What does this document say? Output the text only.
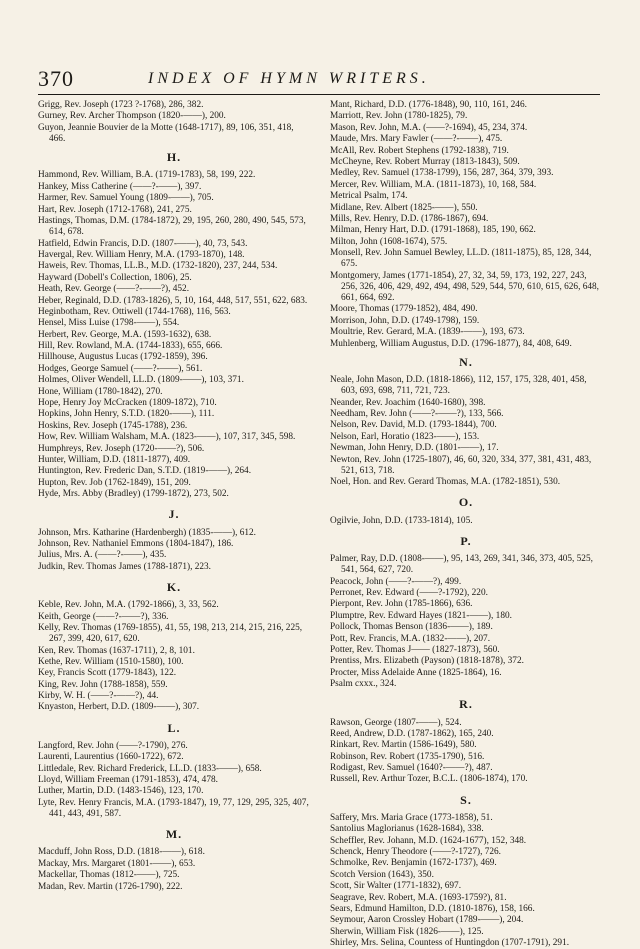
370	INDEX OF HYMN WRITERS.
Grigg, Rev. Joseph (1723 ?-1768), 286, 382.
Gurney, Rev. Archer Thompson (1820-——), 200.
Guyon, Jeannie Bouvier de la Motte (1648-1717), 89, 106, 351, 418, 466.
H.
Hammond, Rev. William, B.A. (1719-1783), 58, 199, 222.
Hankey, Miss Catherine (——?-——), 397.
Harmer, Rev. Samuel Young (1809-——), 705.
Hart, Rev. Joseph (1712-1768), 241, 275.
Hastings, Thomas, D.M. (1784-1872), 29, 195, 260, 280, 490, 545, 573, 614, 678.
Hatfield, Edwin Francis, D.D. (1807-——), 40, 73, 543.
Havergal, Rev. William Henry, M.A. (1793-1870), 148.
Haweis, Rev. Thomas, LL.B., M.D. (1732-1820), 237, 244, 534.
Hayward (Dobell's Collection, 1806), 25.
Heath, Rev. George (——?-——?), 452.
Heber, Reginald, D.D. (1783-1826), 5, 10, 164, 448, 517, 551, 622, 683.
Heginbotham, Rev. Ottiwell (1744-1768), 116, 563.
Hensel, Miss Luise (1798-——), 554.
Herbert, Rev. George, M.A. (1593-1632), 638.
Hill, Rev. Rowland, M.A. (1744-1833), 655, 666.
Hillhouse, Augustus Lucas (1792-1859), 396.
Hodges, George Samuel (——?-——), 561.
Holmes, Oliver Wendell, LL.D. (1809-——), 103, 371.
Hone, William (1780-1842), 270.
Hope, Henry Joy McCracken (1809-1872), 710.
Hopkins, John Henry, S.T.D. (1820-——), 111.
Hoskins, Rev. Joseph (1745-1788), 236.
How, Rev. William Walsham, M.A. (1823-——), 107, 317, 345, 598.
Humphreys, Rev. Joseph (1720-——?), 506.
Hunter, William, D.D. (1811-1877), 409.
Huntington, Rev. Frederic Dan, S.T.D. (1819-——), 264.
Hupton, Rev. Job (1762-1849), 151, 209.
Hyde, Mrs. Abby (Bradley) (1799-1872), 273, 502.
J.
Johnson, Mrs. Katharine (Hardenbergh) (1835-——), 612.
Johnson, Rev. Nathaniel Emmons (1804-1847), 186.
Julius, Mrs. A. (——?-——), 435.
Judkin, Rev. Thomas James (1788-1871), 223.
K.
Keble, Rev. John, M.A. (1792-1866), 3, 33, 562.
Keith, George (——?-——?), 336.
Kelly, Rev. Thomas (1769-1855), 41, 55, 198, 213, 214, 215, 216, 225, 267, 399, 420, 617, 620.
Ken, Rev. Thomas (1637-1711), 2, 8, 101.
Kethe, Rev. William (1510-1580), 100.
Key, Francis Scott (1779-1843), 122.
King, Rev. John (1788-1858), 559.
Kirby, W. H. (——?-——?), 44.
Knyaston, Herbert, D.D. (1809-——), 307.
L.
Langford, Rev. John (——?-1790), 276.
Laurenti, Laurentius (1660-1722), 672.
Littledale, Rev. Richard Frederick, LL.D. (1833-——), 658.
Lloyd, William Freeman (1791-1853), 474, 478.
Luther, Martin, D.D. (1483-1546), 123, 170.
Lyte, Rev. Henry Francis, M.A. (1793-1847), 19, 77, 129, 295, 325, 407, 441, 443, 491, 587.
M.
Macduff, John Ross, D.D. (1818-——), 618.
Mackay, Mrs. Margaret (1801-——), 653.
Mackellar, Thomas (1812-——), 725.
Madan, Rev. Martin (1726-1790), 222.
Mant, Richard, D.D. (1776-1848), 90, 110, 161, 246.
Marriott, Rev. John (1780-1825), 79.
Mason, Rev. John, M.A. (——?-1694), 45, 234, 374.
Maude, Mrs. Mary Fawler (——?-——), 475.
McAll, Rev. Robert Stephens (1792-1838), 719.
McCheyne, Rev. Robert Murray (1813-1843), 509.
Medley, Rev. Samuel (1738-1799), 156, 287, 364, 379, 393.
Mercer, Rev. William, M.A. (1811-1873), 10, 168, 584.
Metrical Psalm, 174.
Midlane, Rev. Albert (1825-——), 550.
Mills, Rev. Henry, D.D. (1786-1867), 694.
Milman, Henry Hart, D.D. (1791-1868), 185, 190, 662.
Milton, John (1608-1674), 575.
Monsell, Rev. John Samuel Bewley, LL.D. (1811-1875), 85, 128, 344, 675.
Montgomery, James (1771-1854), 27, 32, 34, 59, 173, 192, 227, 243, 256, 326, 406, 429, 492, 494, 498, 529, 544, 570, 610, 615, 626, 648, 661, 664, 692.
Moore, Thomas (1779-1852), 484, 490.
Morrison, John, D.D. (1749-1798), 159.
Moultrie, Rev. Gerard, M.A. (1839-——), 193, 673.
Muhlenberg, William Augustus, D.D. (1796-1877), 84, 408, 649.
N.
Neale, John Mason, D.D. (1818-1866), 112, 157, 175, 328, 401, 458, 603, 693, 698, 711, 721, 723.
Neander, Rev. Joachim (1640-1680), 398.
Needham, Rev. John (——?-——?), 133, 566.
Nelson, Rev. David, M.D. (1793-1844), 700.
Nelson, Earl, Horatio (1823-——), 153.
Newman, John Henry, D.D. (1801-——), 17.
Newton, Rev. John (1725-1807), 46, 60, 320, 334, 377, 381, 431, 483, 521, 613, 718.
Noel, Hon. and Rev. Gerard Thomas, M.A. (1782-1851), 530.
O.
Ogilvie, John, D.D. (1733-1814), 105.
P.
Palmer, Ray, D.D. (1808-——), 95, 143, 269, 341, 346, 373, 405, 525, 541, 564, 627, 720.
Peacock, John (——?-——?), 499.
Perronet, Rev. Edward (——?-1792), 220.
Pierpont, Rev. John (1785-1866), 636.
Plumptre, Rev. Edward Hayes (1821-——), 180.
Pollock, Thomas Benson (1836-——), 189.
Pott, Rev. Francis, M.A. (1832-——), 207.
Potter, Rev. Thomas J—— (1827-1873), 560.
Prentiss, Mrs. Elizabeth (Payson) (1818-1878), 372.
Procter, Miss Adelaide Anne (1825-1864), 16.
Psalm cxxx., 324.
R.
Rawson, George (1807-——), 524.
Reed, Andrew, D.D. (1787-1862), 165, 240.
Rinkart, Rev. Martin (1586-1649), 580.
Robinson, Rev. Robert (1735-1790), 516.
Rodigast, Rev. Samuel (1640?-——?), 487.
Russell, Rev. Arthur Tozer, B.C.L. (1806-1874), 170.
S.
Saffery, Mrs. Maria Grace (1773-1858), 51.
Santolius Maglorianus (1628-1684), 338.
Scheffler, Rev. Johann, M.D. (1624-1677), 152, 348.
Schenck, Henry Theodore (——?-1727), 726.
Schmolke, Rev. Benjamin (1672-1737), 469.
Scotch Version (1643), 350.
Scott, Sir Walter (1771-1832), 697.
Seagrave, Rev. Robert, M.A. (1693-1759?), 81.
Sears, Edmund Hamilton, D.D. (1810-1876), 158, 166.
Seymour, Aaron Crossley Hobart (1789-——), 204.
Sherwin, William Fisk (1826-——), 125.
Shirley, Mrs. Selina, Countess of Huntingdon (1707-1791), 291.
